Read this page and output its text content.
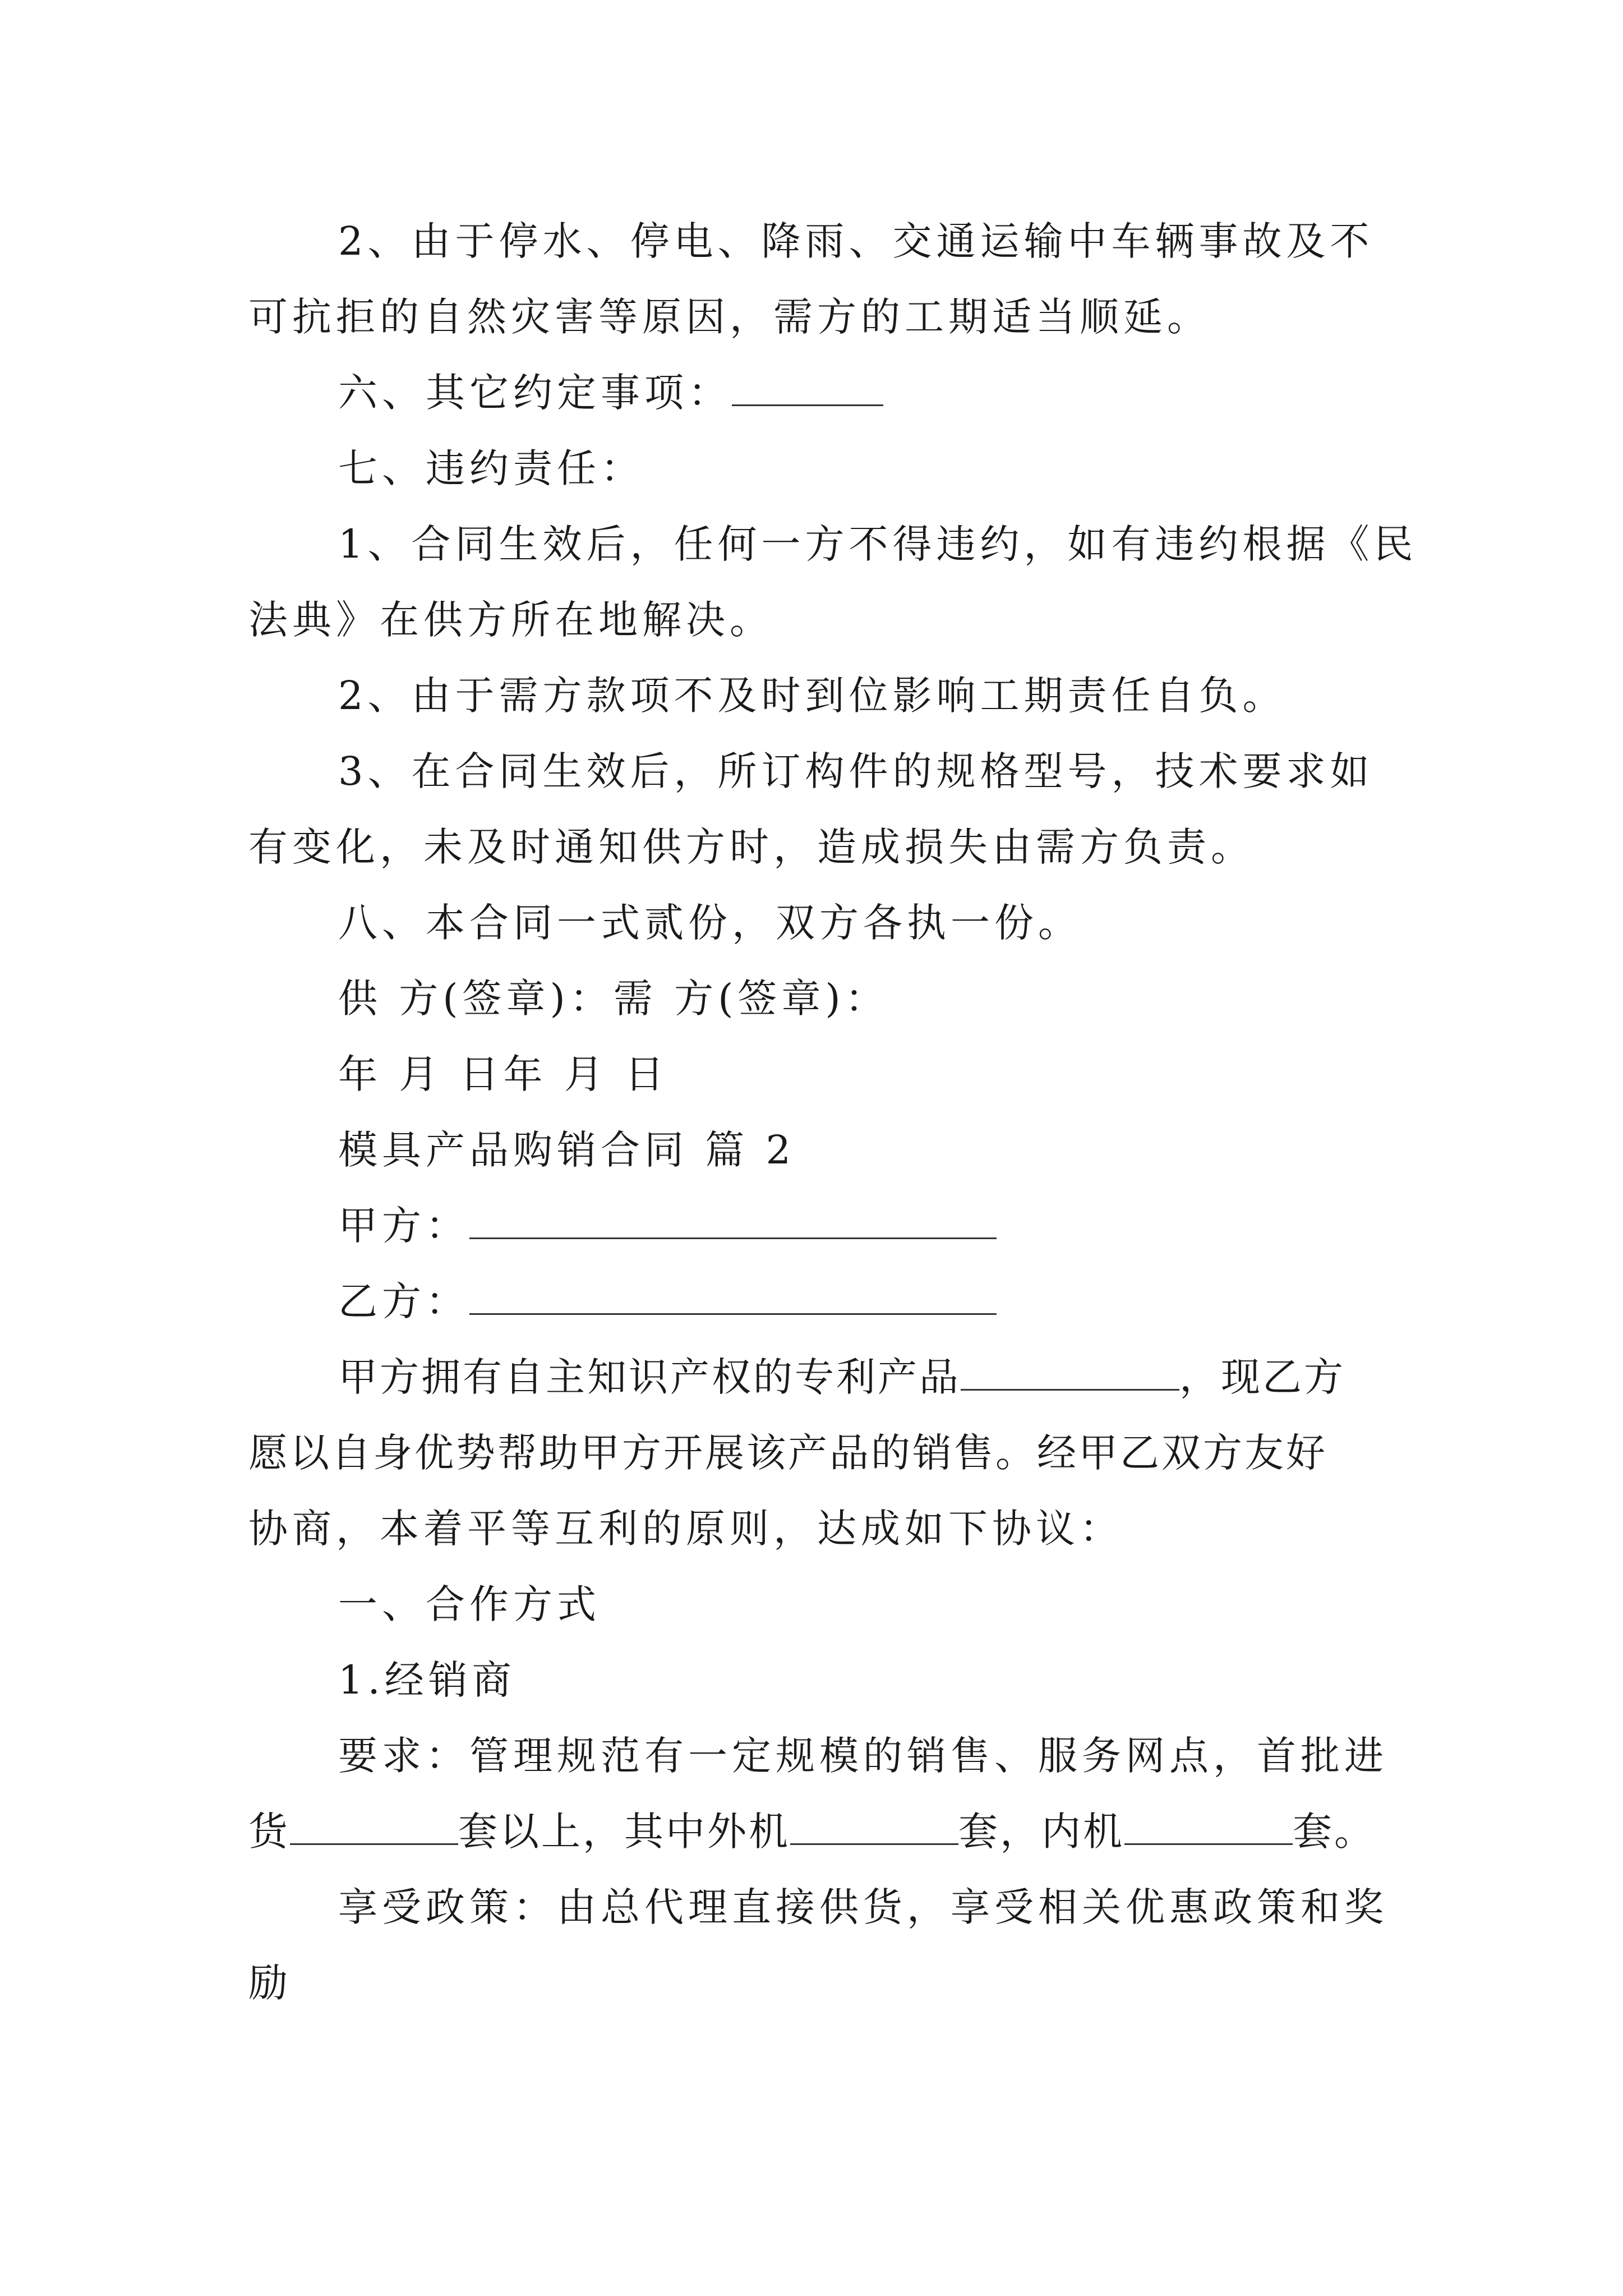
2、由于停水、停电、降雨、交通运输中车辆事故及不
可抗拒的自然灾害等原因，需方的工期适当顺延。
六、其它约定事项：
七、违约责任：
1、合同生效后，任何一方不得违约，如有违约根据《民
法典》在供方所在地解决。
2、由于需方款项不及时到位影响工期责任自负。
3、在合同生效后，所订构件的规格型号，技术要求如
有变化，未及时通知供方时，造成损失由需方负责。
八、本合同一式贰份，双方各执一份。
供 方(签章)：需 方(签章)：
年 月 日年 月 日
模具产品购销合同 篇 2
甲方：
乙方：
甲方拥有自主知识产权的专利产品	，现乙方
愿以自身优势帮助甲方开展该产品的销售。经甲乙双方友好
协商，本着平等互利的原则，达成如下协议：
一、合作方式
1.经销商
要求：管理规范有一定规模的销售、服务网点，首批进
货	套以上，其中外机	套，内机	套。
享受政策：由总代理直接供货，享受相关优惠政策和奖
励
